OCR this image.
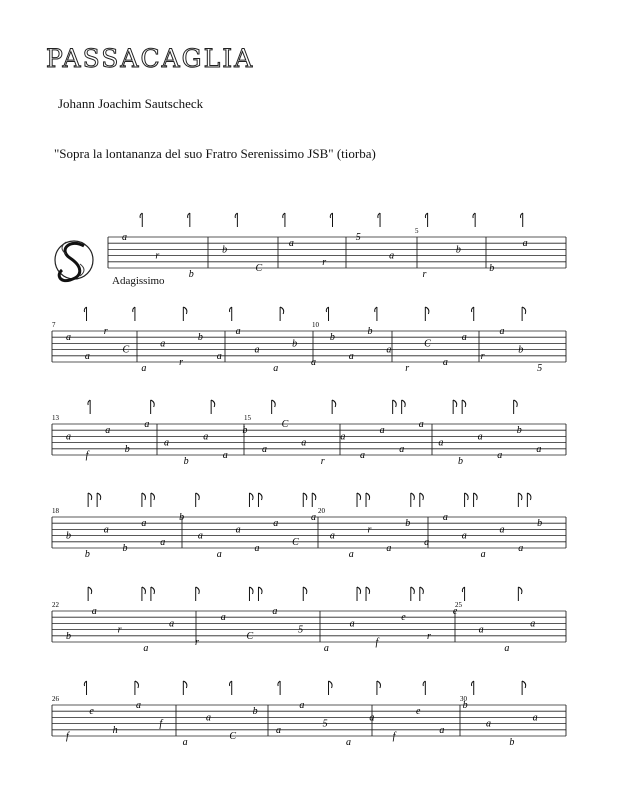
PASSACAGLIA
Johann Joachim Sautscheck
"Sopra la lontananza del suo Fratro Serenissimo JSB" (tiorba)
Adagissimo
5
a
r
b
b
C
a
r
5
a
r
b
b
a
7	10
a
a
r
C
a
a
r
b
a
a
a
a
b
a
b
a
b
a
r
C
a
a
r
a
b
5
13	15
a
f
a
b
a
a
b
a
a
b
a
C
a
r
a
a
a
a
a
a
b
a
a
b
a
18	20
b
b
a
b
a
a
b
a
a
a
a
a
C
a
a
a
r
a
b
a
a
a
a
a
a
b
22	25
b
a
r
a
a
r
a
C
a
5
a
a
f
e
r
e
a
a
a
26	30
f
e
h
a
f
a
a
C
b
a
a
5
a
a
f
e
a
b
a
b
a
